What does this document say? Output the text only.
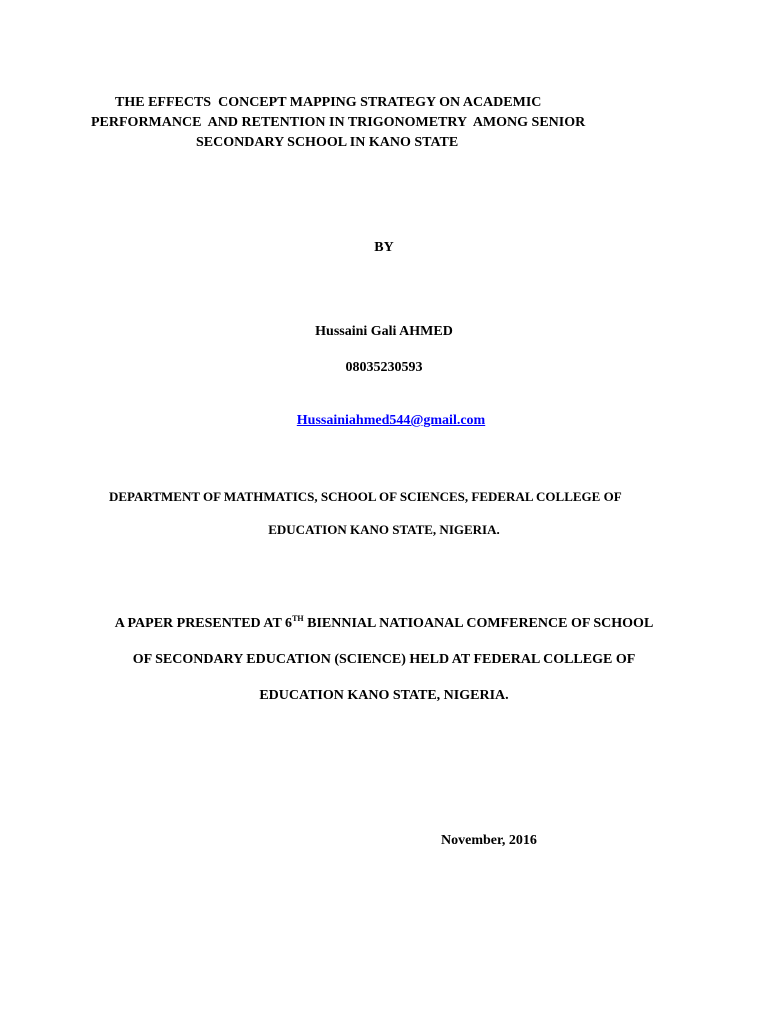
THE EFFECTS  CONCEPT MAPPING STRATEGY ON ACADEMIC
PERFORMANCE  AND RETENTION IN TRIGONOMETRY  AMONG SENIOR
SECONDARY SCHOOL IN KANO STATE
BY
Hussaini Gali AHMED
08035230593

Hussainiahmed544@gmail.com

DEPARTMENT OF MATHMATICS, SCHOOL OF SCIENCES, FEDERAL COLLEGE OF
EDUCATION KANO STATE, NIGERIA.
A PAPER PRESENTED AT 6TH BIENNIAL NATIOANAL COMFERENCE OF SCHOOL
OF SECONDARY EDUCATION (SCIENCE) HELD AT FEDERAL COLLEGE OF
EDUCATION KANO STATE, NIGERIA.
November, 2016
